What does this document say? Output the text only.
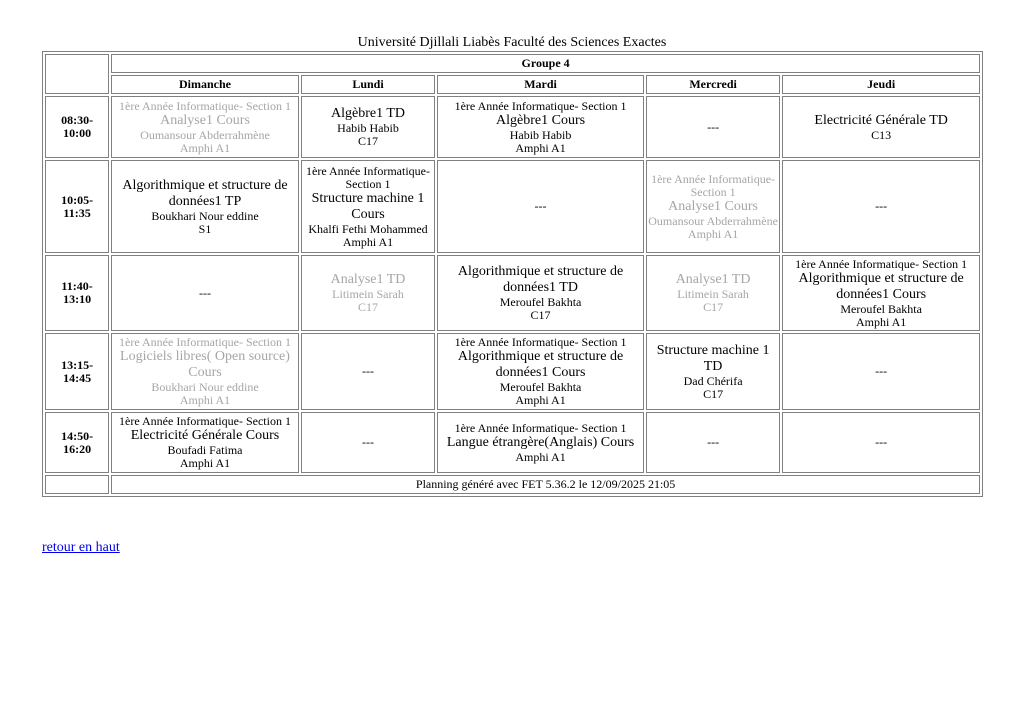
Université Djillali Liabès Faculté des Sciences Exactes
	Groupe 4				
	Dimanche	Lundi	Mardi	Mercredi	Jeudi
08:30-
10:00	1ère Année Informatique- Section 1
Analyse1 Cours
Oumansour Abderrahmène
Amphi A1	Algèbre1 TD
Habib Habib
C17	1ère Année Informatique- Section 1
Algèbre1 Cours
Habib Habib
Amphi A1	---	Electricité Générale TD
C13

10:05-
11:35	Algorithmique et structure de données1 TP
Boukhari Nour eddine
S1	1ère Année Informatique- Section 1
Structure machine 1 Cours
Khalfi Fethi Mohammed
Amphi A1	---	1ère Année Informatique- Section 1
Analyse1 Cours
Oumansour Abderrahmène
Amphi A1	---
11:40-
13:10	---	Analyse1 TD
Litimein Sarah
C17	Algorithmique et structure de données1 TD
Meroufel Bakhta
C17	Analyse1 TD
Litimein Sarah
C17	1ère Année Informatique- Section 1
Algorithmique et structure de données1 Cours
Meroufel Bakhta
Amphi A1

13:15-
14:45	1ère Année Informatique- Section 1
Logiciels libres( Open source) Cours
Boukhari Nour eddine
Amphi A1	---	1ère Année Informatique- Section 1
Algorithmique et structure de données1 Cours
Meroufel Bakhta
Amphi A1	Structure machine 1 TD
Dad Chérifa
C17	---
14:50-
16:20	1ère Année Informatique- Section 1
Electricité Générale Cours
Boufadi Fatima
Amphi A1	---	1ère Année Informatique- Section 1
Langue étrangère(Anglais) Cours
Amphi A1	---	---
	Planning généré avec FET 5.36.2 le 12/09/2025 21:05				
retour en haut
